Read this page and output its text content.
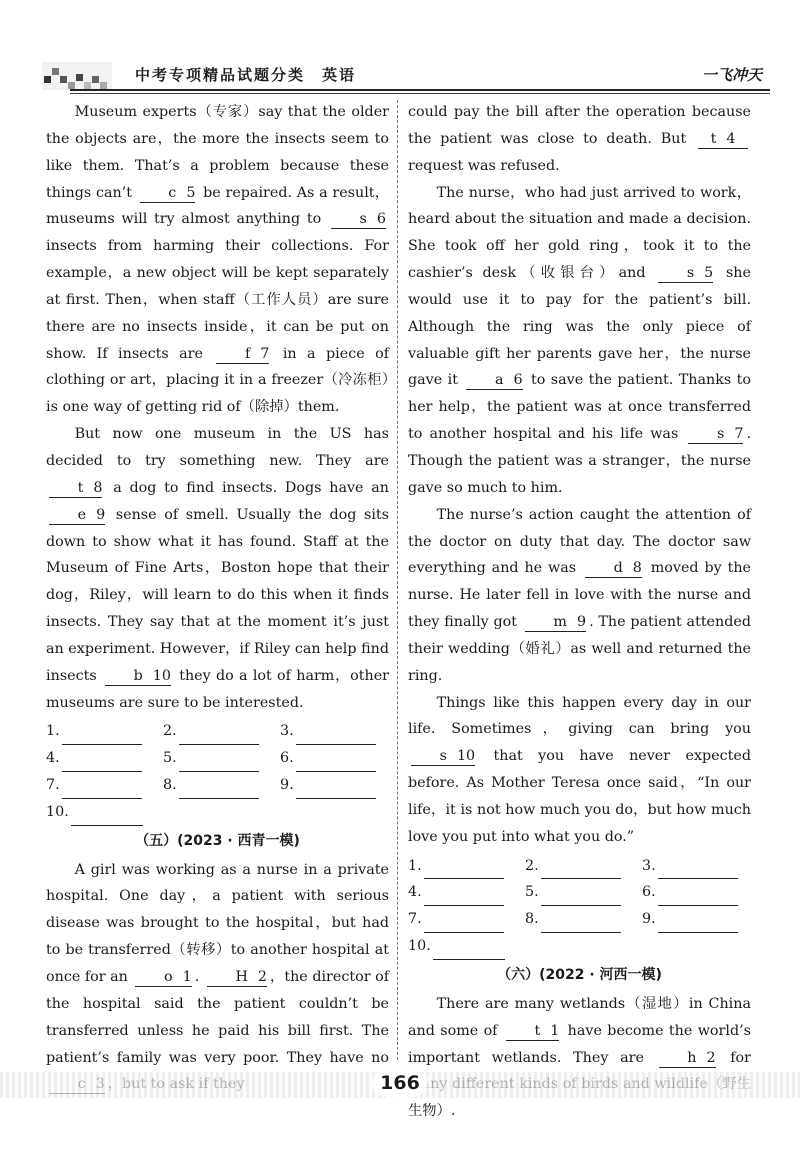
中考专项精品试题分类　英语	一飞冲天

Museum experts（专家）say that the older the objects are，the more the insects seem to like them. That’s a problem because these things can’t c 5 be repaired. As a result，museums will try almost anything to s 6 insects from harming their collections. For example，a new object will be kept separately at first. Then，when staff（工作人员）are sure there are no insects inside，it can be put on show. If insects are f 7 in a piece of clothing or art，placing it in a freezer（冷冻柜）is one way of getting rid of（除掉）them.

But now one museum in the US has decided to try something new. They are t 8 a dog to find insects. Dogs have an e 9 sense of smell. Usually the dog sits down to show what it has found. Staff at the Museum of Fine Arts，Boston hope that their dog，Riley，will learn to do this when it finds insects. They say that at the moment it’s just an experiment. However，if Riley can help find insects b 10 they do a lot of harm，other museums are sure to be interested.

1.	2.	3.
4.	5.	6.
7.	8.	9.
10.
（五）(2023 · 西青一模)

A girl was working as a nurse in a private hospital. One day，a patient with serious disease was brought to the hospital，but had to be transferred（转移）to another hospital at once for an o 1 . H 2 ，the director of the hospital said the patient couldn’t be transferred unless he paid his bill first. The patient’s family was very poor. They have no

could pay the bill after the operation because the patient was close to death. But t 4 request was refused.

The nurse，who had just arrived to work，heard about the situation and made a decision. She took off her gold ring，took it to the cashier’s desk（收银台）and s 5 she would use it to pay for the patient’s bill. Although the ring was the only piece of valuable gift her parents gave her，the nurse gave it a 6 to save the patient. Thanks to her help，the patient was at once transferred to another hospital and his life was s 7 . Though the patient was a stranger，the nurse gave so much to him.

The nurse’s action caught the attention of the doctor on duty that day. The doctor saw everything and he was d 8 moved by the nurse. He later fell in love with the nurse and they finally got m 9 . The patient attended their wedding（婚礼）as well and returned the ring.

Things like this happen every day in our life. Sometimes，giving can bring you s 10 that you have never expected before. As Mother Teresa once said，“In our life，it is not how much you do，but how much love you put into what you do.”

1.	2.	3.
4.	5.	6.
7.	8.	9.
10.
（六）(2022 · 河西一模)

There are many wetlands（湿地）in China and some of t 1 have become the world’s important wetlands. They are h 2 for 生物）.

166
